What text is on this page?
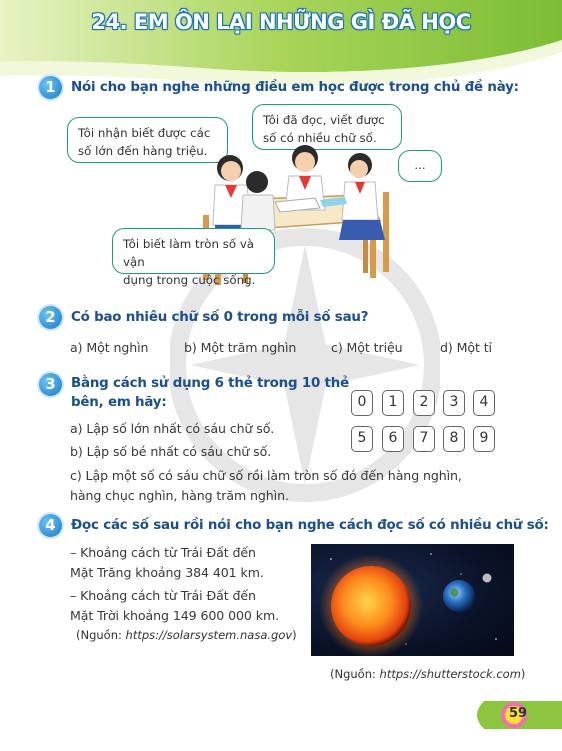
24. EM ÔN LẠI NHỮNG GÌ ĐÃ HỌC
1	Nói cho bạn nghe những điều em học được trong chủ đề này:
Tôi nhận biết được các
số lớn đến hàng triệu.
Tôi đã đọc, viết được
số có nhiều chữ số.
...
Tôi biết làm tròn số và vận
dụng trong cuộc sống.
2	Có bao nhiêu chữ số 0 trong mỗi số sau?
a) Một nghìn	b) Một trăm nghìn	c) Một triệu	d) Một tỉ
3	Bằng cách sử dụng 6 thẻ trong 10 thẻ
bên, em hãy:
a) Lập số lớn nhất có sáu chữ số.
b) Lập số bé nhất có sáu chữ số.
c) Lập một số có sáu chữ số rồi làm tròn số đó đến hàng nghìn,
hàng chục nghìn, hàng trăm nghìn.
0	1	2	3	4
5	6	7	8	9
4	Đọc các số sau rồi nói cho bạn nghe cách đọc số có nhiều chữ số:
– Khoảng cách từ Trái Đất đến
Mặt Trăng khoảng 384 401 km.
– Khoảng cách từ Trái Đất đến
Mặt Trời khoảng 149 600 000 km.
(Nguồn: https://solarsystem.nasa.gov)
(Nguồn: https://shutterstock.com)
59
